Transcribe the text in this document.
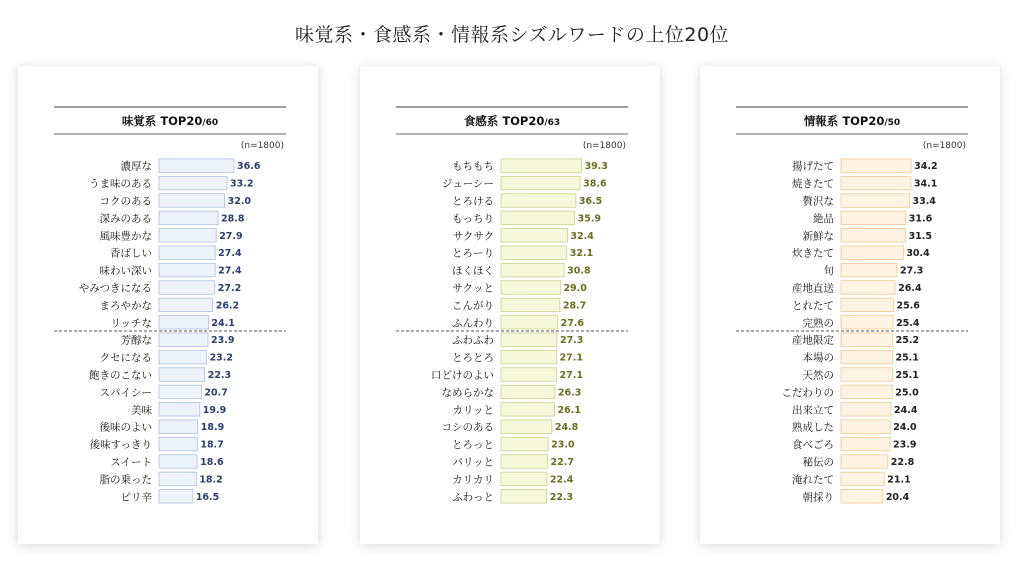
味覚系・食感系・情報系シズルワードの上位20位
味覚系 TOP20/60
(n=1800)
濃厚な	36.6
うま味のある	33.2
コクのある	32.0
深みのある	28.8
風味豊かな	27.9
香ばしい	27.4
味わい深い	27.4
やみつきになる	27.2
まろやかな	26.2
リッチな	24.1
芳醇な	23.9
クセになる	23.2
飽きのこない	22.3
スパイシー	20.7
美味	19.9
後味のよい	18.9
後味すっきり	18.7
スイート	18.6
脂の乗った	18.2
ピリ辛	16.5
食感系 TOP20/63
(n=1800)
もちもち	39.3
ジューシー	38.6
とろける	36.5
もっちり	35.9
サクサク	32.4
とろーり	32.1
ほくほく	30.8
サクッと	29.0
こんがり	28.7
ふんわり	27.6
ふわふわ	27.3
とろとろ	27.1
口どけのよい	27.1
なめらかな	26.3
カリッと	26.1
コシのある	24.8
とろっと	23.0
パリッと	22.7
カリカリ	22.4
ふわっと	22.3
情報系 TOP20/50
(n=1800)
揚げたて	34.2
焼きたて	34.1
贅沢な	33.4
絶品	31.6
新鮮な	31.5
炊きたて	30.4
旬	27.3
産地直送	26.4
とれたて	25.6
完熟の	25.4
産地限定	25.2
本場の	25.1
天然の	25.1
こだわりの	25.0
出来立て	24.4
熟成した	24.0
食べごろ	23.9
秘伝の	22.8
淹れたて	21.1
朝採り	20.4
